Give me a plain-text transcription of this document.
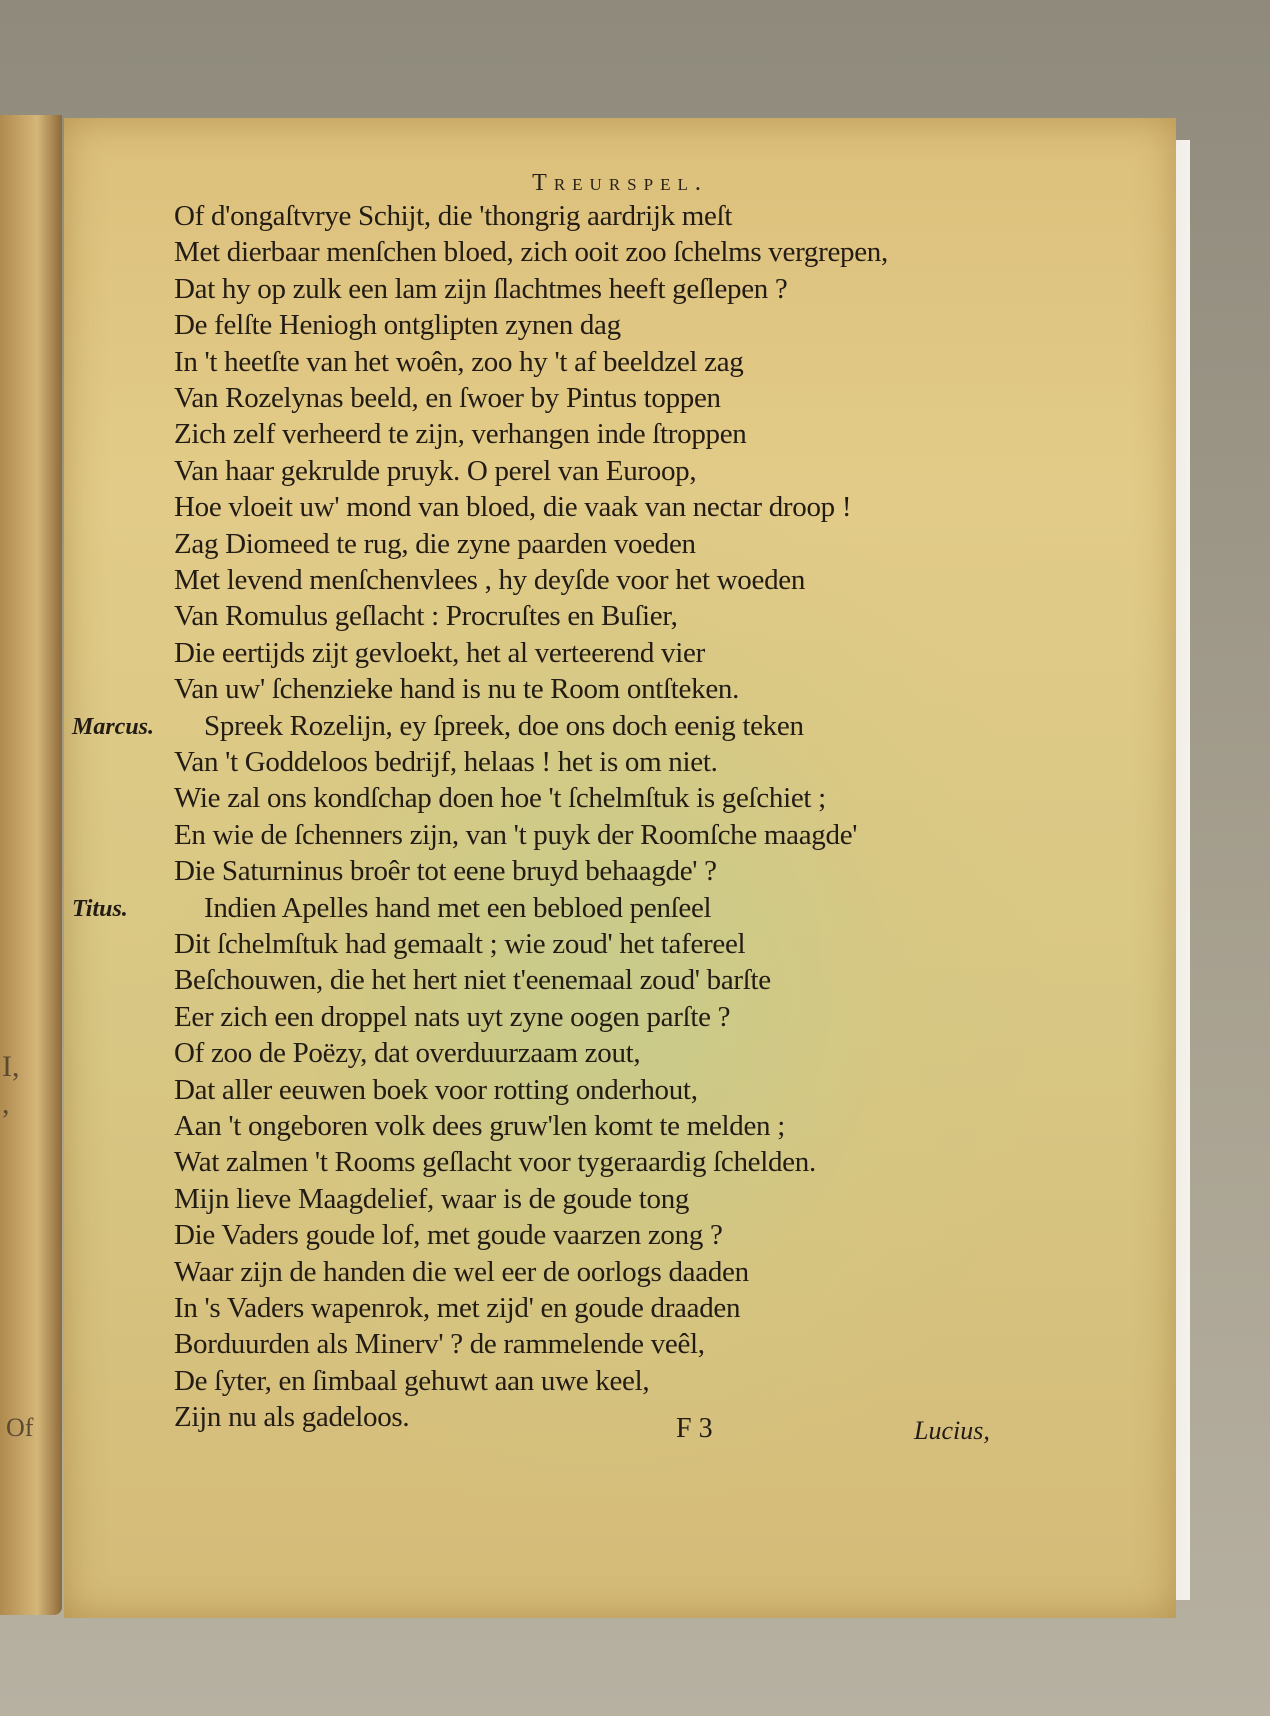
I,
,
Of
Treurspel.
Of d'ongaſtvrye Schijt, die 'thongrig aardrijk meſt
Met dierbaar menſchen bloed, zich ooit zoo ſchelms vergrepen,
Dat hy op zulk een lam zijn ſlachtmes heeft geſlepen ?
De felſte Heniogh ontglipten zynen dag
In 't heetſte van het woên, zoo hy 't af beeldzel zag
Van Rozelynas beeld, en ſwoer by Pintus toppen
Zich zelf verheerd te zijn, verhangen inde ſtroppen
Van haar gekrulde pruyk. O perel van Euroop,
Hoe vloeit uw' mond van bloed, die vaak van nectar droop !
Zag Diomeed te rug, die zyne paarden voeden
Met levend menſchenvlees , hy deyſde voor het woeden
Van Romulus geſlacht : Procruſtes en Buſier,
Die eertijds zijt gevloekt, het al verteerend vier
Van uw' ſchenzieke hand is nu te Room ontſteken.
Marcus. Spreek Rozelijn, ey ſpreek, doe ons doch eenig teken
Van 't Goddeloos bedrijf, helaas ! het is om niet.
Wie zal ons kondſchap doen hoe 't ſchelmſtuk is geſchiet ;
En wie de ſchenners zijn, van 't puyk der Roomſche maagde'
Die Saturninus broêr tot eene bruyd behaagde' ?
Titus.	Indien Apelles hand met een bebloed penſeel
Dit ſchelmſtuk had gemaalt ; wie zoud' het tafereel
Beſchouwen, die het hert niet t'eenemaal zoud' barſte
Eer zich een droppel nats uyt zyne oogen parſte ?
Of zoo de Poëzy, dat overduurzaam zout,
Dat aller eeuwen boek voor rotting onderhout,
Aan 't ongeboren volk dees gruw'len komt te melden ;
Wat zalmen 't Rooms geſlacht voor tygeraardig ſchelden.
Mijn lieve Maagdelief, waar is de goude tong
Die Vaders goude lof, met goude vaarzen zong ?
Waar zijn de handen die wel eer de oorlogs daaden
In 's Vaders wapenrok, met zijd' en goude draaden
Borduurden als Minerv' ? de rammelende veêl,
De ſyter, en ſimbaal gehuwt aan uwe keel,
Zijn nu als gadeloos.	F 3	Lucius,
